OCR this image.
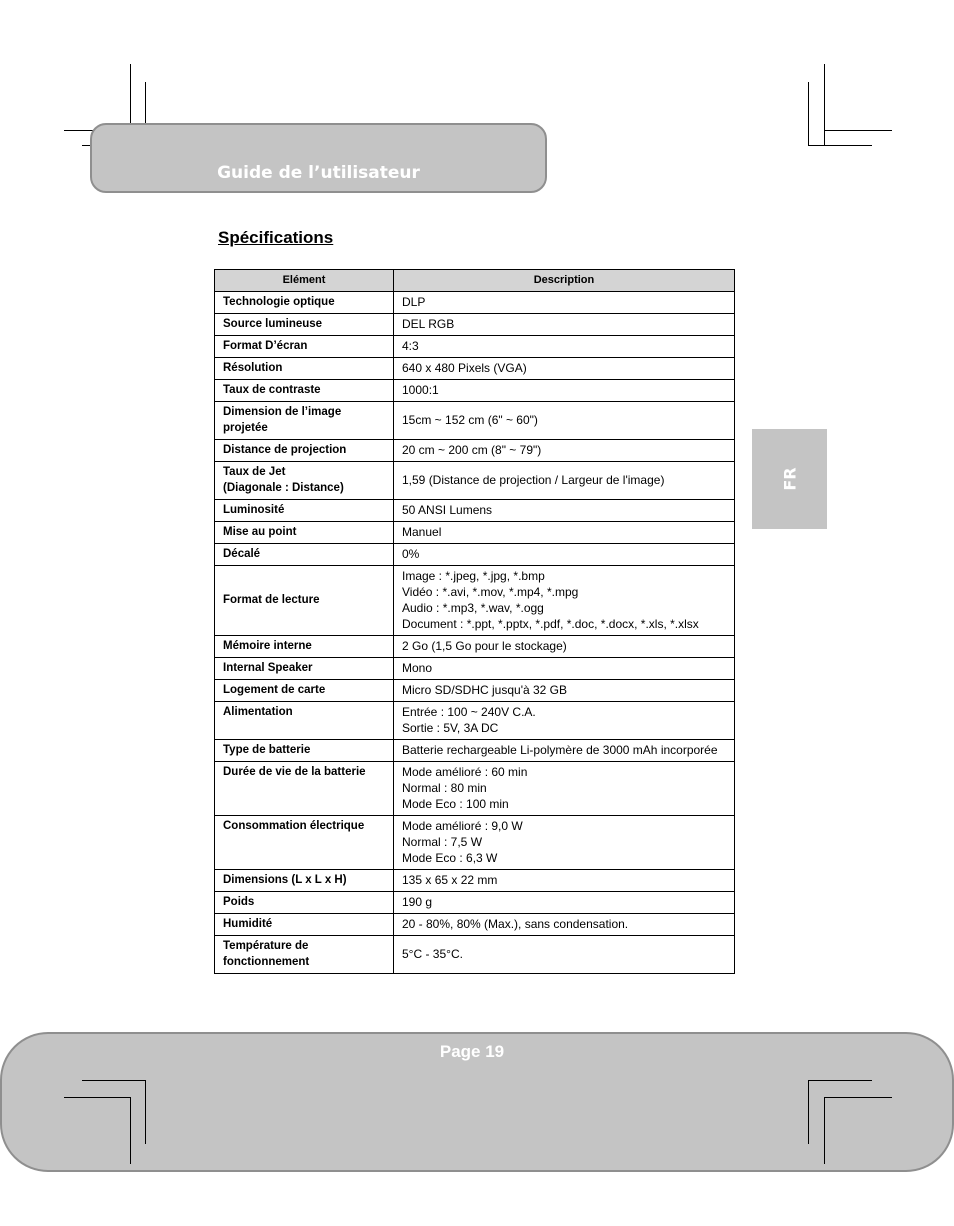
Guide de l’utilisateur
Spécifications
FR
Elément	Description
Technologie optique	DLP

Source lumineuse	DEL RGB

Format D’écran	4:3

Résolution	640 x 480 Pixels (VGA)

Taux de contraste	1000:1

Dimension de l’image projetée	15cm ~ 152 cm (6" ~ 60")

Distance de projection	20 cm ~ 200 cm (8" ~ 79")

Taux de Jet
(Diagonale : Distance)	1,59 (Distance de projection / Largeur de l'image)

Luminosité	50 ANSI Lumens

Mise au point	Manuel

Décalé	0%

Format de lecture	Image : *.jpeg, *.jpg, *.bmp
Vidéo : *.avi, *.mov, *.mp4, *.mpg
Audio : *.mp3, *.wav, *.ogg
Document : *.ppt, *.pptx, *.pdf, *.doc, *.docx, *.xls, *.xlsx

Mémoire interne	2 Go (1,5 Go pour le stockage)

Internal Speaker	Mono

Logement de carte	Micro SD/SDHC jusqu'à 32 GB

Alimentation	Entrée : 100 ~ 240V C.A.
Sortie : 5V, 3A DC

Type de batterie	Batterie rechargeable Li-polymère de 3000 mAh incorporée

Durée de vie de la batterie	Mode amélioré : 60 min
Normal : 80 min
Mode Eco : 100 min

Consommation électrique	Mode amélioré : 9,0 W
Normal : 7,5 W
Mode Eco : 6,3 W

Dimensions (L x L x H)	135 x 65 x 22 mm

Poids	190 g

Humidité	20 - 80%, 80% (Max.), sans condensation.

Température de fonctionnement	5°C - 35°C.
Page 19
